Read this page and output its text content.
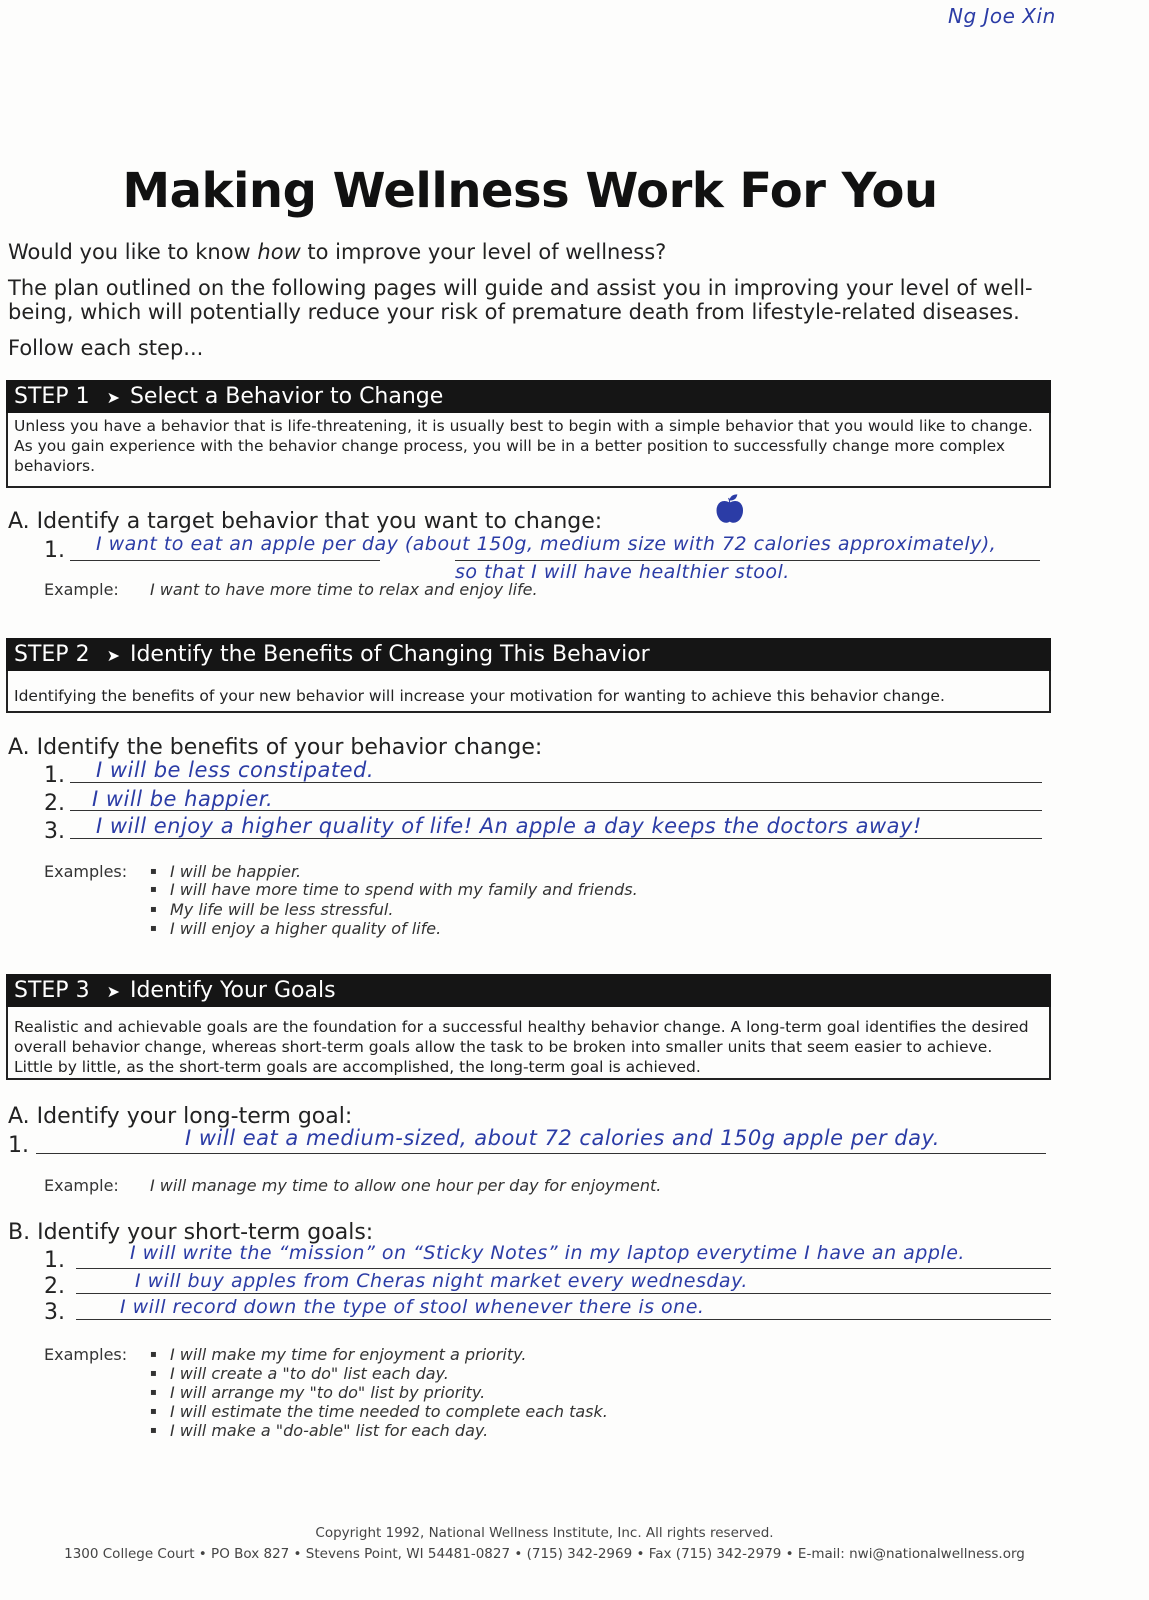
Ng Joe Xin
Making Wellness Work For You
Would you like to know how to improve your level of wellness?
The plan outlined on the following pages will guide and assist you in improving your level of well-
being, which will potentially reduce your risk of premature death from lifestyle-related diseases.
Follow each step...
STEP 1 ➤ Select a Behavior to Change
Unless you have a behavior that is life-threatening, it is usually best to begin with a simple behavior that you would like to change.
As you gain experience with the behavior change process, you will be in a better position to successfully change more complex
behaviors.
A. Identify a target behavior that you want to change:
1. I want to eat an apple per day (about 150g, medium size with 72 calories approximately),
so that I will have healthier stool.
🍎︎
Example: I want to have more time to relax and enjoy life.
STEP 2 ➤ Identify the Benefits of Changing This Behavior
Identifying the benefits of your new behavior will increase your motivation for wanting to achieve this behavior change.
A. Identify the benefits of your behavior change:
1. I will be less constipated.
2. I will be happier.
3. I will enjoy a higher quality of life! An apple a day keeps the doctors away!
Examples:	▪ I will be happier.
▪ I will have more time to spend with my family and friends.
▪ My life will be less stressful.
▪ I will enjoy a higher quality of life.
STEP 3 ➤ Identify Your Goals
Realistic and achievable goals are the foundation for a successful healthy behavior change. A long-term goal identifies the desired
overall behavior change, whereas short-term goals allow the task to be broken into smaller units that seem easier to achieve.
Little by little, as the short-term goals are accomplished, the long-term goal is achieved.
A. Identify your long-term goal:
1.	I will eat a medium-sized, about 72 calories and 150g apple per day.
Example: I will manage my time to allow one hour per day for enjoyment.
B. Identify your short-term goals:
1.	I will write the “mission” on “Sticky Notes” in my laptop everytime I have an apple.
2.	I will buy apples from Cheras night market every wednesday.
3.	I will record down the type of stool whenever there is one.
Examples:	▪ I will make my time for enjoyment a priority.
▪ I will create a "to do" list each day.
▪ I will arrange my "to do" list by priority.
▪ I will estimate the time needed to complete each task.
▪ I will make a "do-able" list for each day.
Copyright 1992, National Wellness Institute, Inc. All rights reserved.
1300 College Court • PO Box 827 • Stevens Point, WI 54481-0827 • (715) 342-2969 • Fax (715) 342-2979 • E-mail: nwi@nationalwellness.org
